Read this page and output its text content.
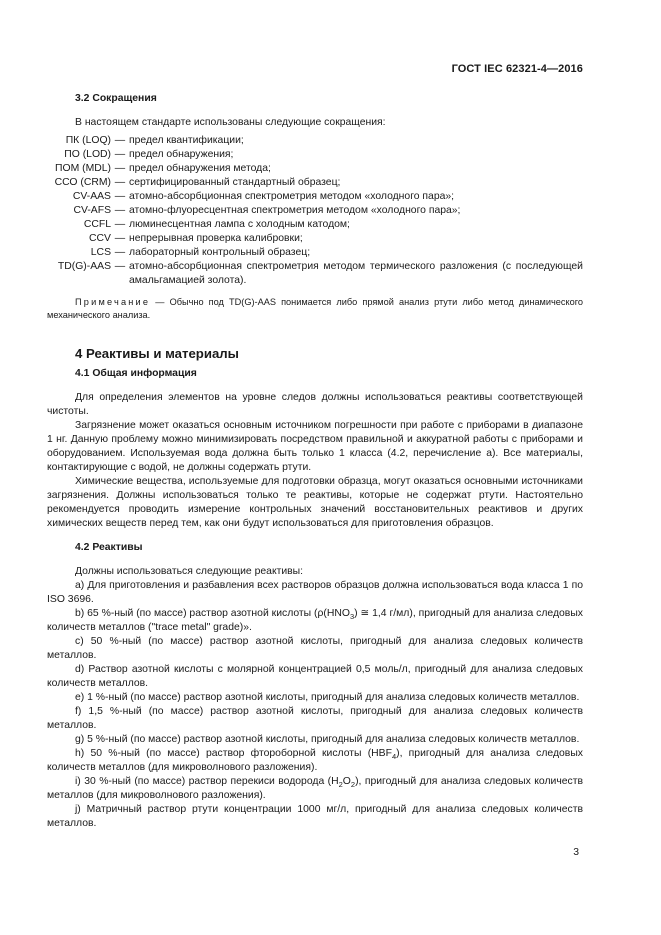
ГОСТ IEC 62321-4—2016
3.2 Сокращения

В настоящем стандарте использованы следующие сокращения:

ПК (LOQ)	—	предел квантификации;
ПО (LOD)	—	предел обнаружения;
ПОМ (MDL)	—	предел обнаружения метода;
ССО (CRM)	—	сертифицированный стандартный образец;
CV-AAS	—	атомно-абсорбционная спектрометрия методом «холодного пара»;
CV-AFS	—	атомно-флуоресцентная спектрометрия методом «холодного пара»;
CCFL	—	люминесцентная лампа с холодным катодом;
CCV	—	непрерывная проверка калибровки;
LCS	—	лабораторный контрольный образец;
TD(G)-AAS	—	атомно-абсорбционная спектрометрия методом термического разложения (с последующей амальгамацией золота).

Примечание — Обычно под TD(G)-AAS понимается либо прямой анализ ртути либо метод динамического механического анализа.

4 Реактивы и материалы
4.1 Общая информация

Для определения элементов на уровне следов должны использоваться реактивы соответствующей чистоты.

Загрязнение может оказаться основным источником погрешности при работе с приборами в диапазоне 1 нг. Данную проблему можно минимизировать посредством правильной и аккуратной работы с приборами и оборудованием. Используемая вода должна быть только 1 класса (4.2, перечисление а). Все материалы, контактирующие с водой, не должны содержать ртути.

Химические вещества, используемые для подготовки образца, могут оказаться основными источниками загрязнения. Должны использоваться только те реактивы, которые не содержат ртути. Настоятельно рекомендуется проводить измерение контрольных значений восстановительных реактивов и других химических веществ перед тем, как они будут использоваться для приготовления образцов.

4.2 Реактивы

Должны использоваться следующие реактивы:

a) Для приготовления и разбавления всех растворов образцов должна использоваться вода класса 1 по ISO 3696.

b) 65 %-ный (по массе) раствор азотной кислоты ($\rho(HNO_3)$ ≅ 1,4 г/мл), пригодный для анализа следовых количеств металлов ("trace metal" grade)».

c) 50 %-ный (по массе) раствор азотной кислоты, пригодный для анализа следовых количеств металлов.

d) Раствор азотной кислоты с молярной концентрацией 0,5 моль/л, пригодный для анализа следовых количеств металлов.

e) 1 %-ный (по массе) раствор азотной кислоты, пригодный для анализа следовых количеств металлов.

f) 1,5 %-ный (по массе) раствор азотной кислоты, пригодный для анализа следовых количеств металлов.

g) 5 %-ный (по массе) раствор азотной кислоты, пригодный для анализа следовых количеств металлов.

h) 50 %-ный (по массе) раствор фтороборной кислоты $(HBF_4)$, пригодный для анализа следовых количеств металлов (для микроволнового разложения).

i) 30 %-ный (по массе) раствор перекиси водорода $(H_2O_2)$, пригодный для анализа следовых количеств металлов (для микроволнового разложения).

j) Матричный раствор ртути концентрации 1000 мг/л, пригодный для анализа следовых количеств металлов.

3
